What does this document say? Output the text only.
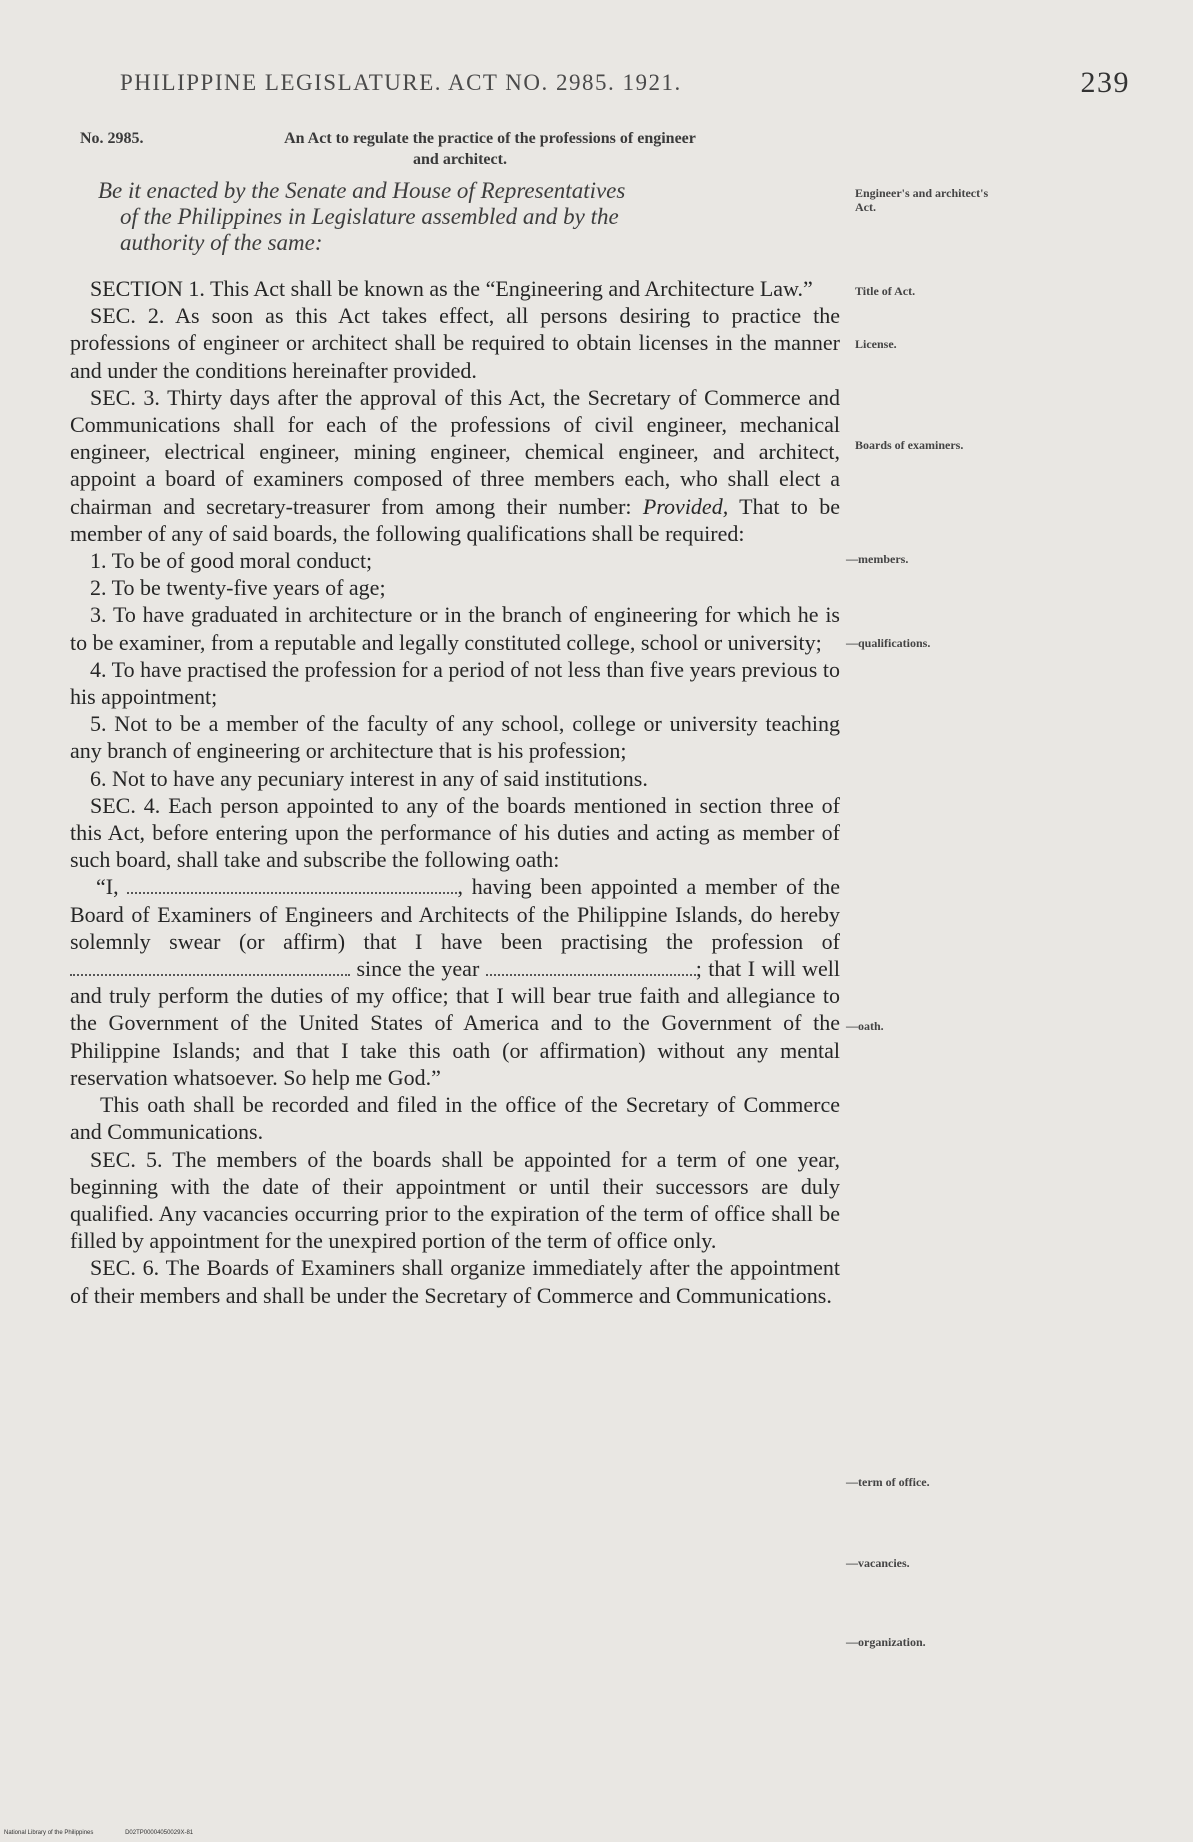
PHILIPPINE LEGISLATURE. ACT NO. 2985. 1921.	239
No. 2985.	An Act to regulate the practice of the professions of engineer
and architect.
Be it enacted by the Senate and House of Representatives
of the Philippines in Legislature assembled and by the
authority of the same:

SECTION 1. This Act shall be known as the “Engineering and Architecture Law.”

SEC. 2. As soon as this Act takes effect, all persons desiring to practice the professions of engineer or architect shall be required to obtain licenses in the manner and under the conditions hereinafter provided.

SEC. 3. Thirty days after the approval of this Act, the Secretary of Commerce and Communications shall for each of the professions of civil engineer, mechanical engineer, electrical engineer, mining engineer, chemical engineer, and architect, appoint a board of examiners composed of three members each, who shall elect a chairman and secretary-treasurer from among their number: Provided, That to be member of any of said boards, the following qualifications shall be required:

1. To be of good moral conduct;

2. To be twenty-five years of age;

3. To have graduated in architecture or in the branch of engineering for which he is to be examiner, from a reputable and legally constituted college, school or university;

4. To have practised the profession for a period of not less than five years previous to his appointment;

5. Not to be a member of the faculty of any school, college or university teaching any branch of engineering or architecture that is his profession;

6. Not to have any pecuniary interest in any of said institutions.

SEC. 4. Each person appointed to any of the boards mentioned in section three of this Act, before entering upon the performance of his duties and acting as member of such board, shall take and subscribe the following oath:

“I,	, having been appointed a member of the Board of Examiners of Engineers and Architects of the Philippine Islands, do hereby solemnly swear (or affirm) that I have been practising the profession of  since the year	; that I will well and truly perform the duties of my office; that I will bear true faith and allegiance to the Government of the United States of America and to the Government of the Philippine Islands; and that I take this oath (or affirmation) without any mental reservation whatsoever. So help me God.”

This oath shall be recorded and filed in the office of the Secretary of Commerce and Communications.

SEC. 5. The members of the boards shall be appointed for a term of one year, beginning with the date of their appointment or until their successors are duly qualified. Any vacancies occurring prior to the expiration of the term of office shall be filled by appointment for the unexpired portion of the term of office only.

SEC. 6. The Boards of Examiners shall organize immediately after the appointment of their members and shall be under the Secretary of Commerce and Communications.

Engineer's and architect's Act.
Title of Act.
License.
Boards of examiners.
—members.
—qualifications.
—oath.
—term of office.
—vacancies.
—organization.
National Library of the Philippines	D02TP00004050029X-81
